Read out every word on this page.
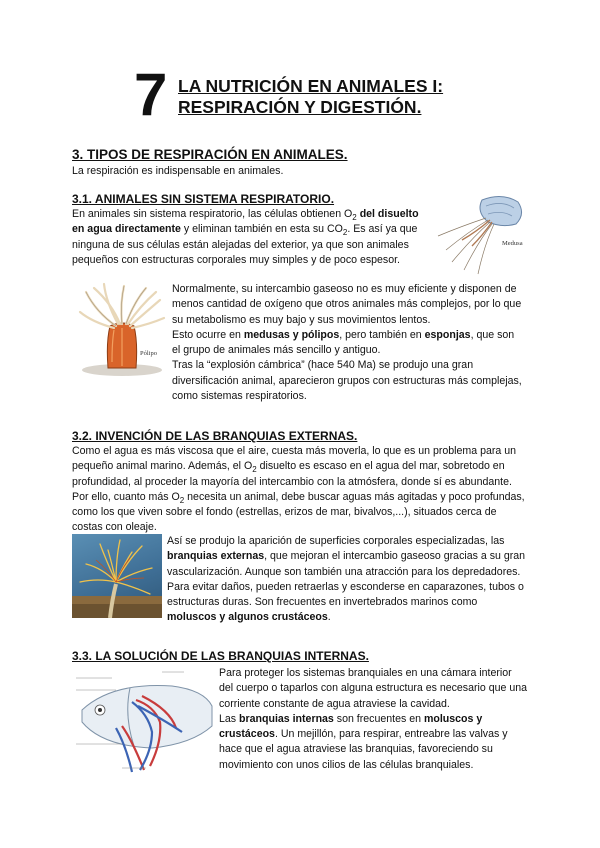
7 LA NUTRICIÓN EN ANIMALES I:
RESPIRACIÓN Y DIGESTIÓN.
3. TIPOS DE RESPIRACIÓN EN ANIMALES.
La respiración es indispensable en animales.
3.1. ANIMALES SIN SISTEMA RESPIRATORIO.
En animales sin sistema respiratorio, las células obtienen $O_2$ del disuelto en agua directamente y eliminan también en esta su $CO_2$. Es así ya que ninguna de sus células están alejadas del exterior, ya que son animales pequeños con estructuras corporales muy simples y de poco espesor.
Medusa
Pólipo
Normalmente, su intercambio gaseoso no es muy eficiente y disponen de menos cantidad de oxígeno que otros animales más complejos, por lo que su metabolismo es muy bajo y sus movimientos lentos.
Esto ocurre en medusas y pólipos, pero también en esponjas, que son el grupo de animales más sencillo y antiguo.
Tras la “explosión cámbrica” (hace 540 Ma) se produjo una gran diversificación animal, aparecieron grupos con estructuras más complejas, como sistemas respiratorios.
3.2. INVENCIÓN DE LAS BRANQUIAS EXTERNAS.
Como el agua es más viscosa que el aire, cuesta más moverla, lo que es un problema para un pequeño animal marino. Además, el $O_2$ disuelto es escaso en el agua del mar, sobretodo en profundidad, al proceder la mayoría del intercambio con la atmósfera, donde sí es abundante. Por ello, cuanto más $O_2$ necesita un animal, debe buscar aguas más agitadas y poco profundas, como los que viven sobre el fondo (estrellas, erizos de mar, bivalvos,...), situados cerca de costas con oleaje.
Así se produjo la aparición de superficies corporales especializadas, las branquias externas, que mejoran el intercambio gaseoso gracias a su gran vascularización. Aunque son también una atracción para los depredadores. Para evitar daños, pueden retraerlas y esconderse en caparazones, tubos o estructuras duras. Son frecuentes en invertebrados marinos como moluscos y algunos crustáceos.
3.3. LA SOLUCIÓN DE LAS BRANQUIAS INTERNAS.
Para proteger los sistemas branquiales en una cámara interior del cuerpo o taparlos con alguna estructura es necesario que una corriente constante de agua atraviese la cavidad.
Las branquias internas son frecuentes en moluscos y crustáceos. Un mejillón, para respirar, entreabre las valvas y hace que el agua atraviese las branquias, favoreciendo su movimiento con unos cilios de las células branquiales.
